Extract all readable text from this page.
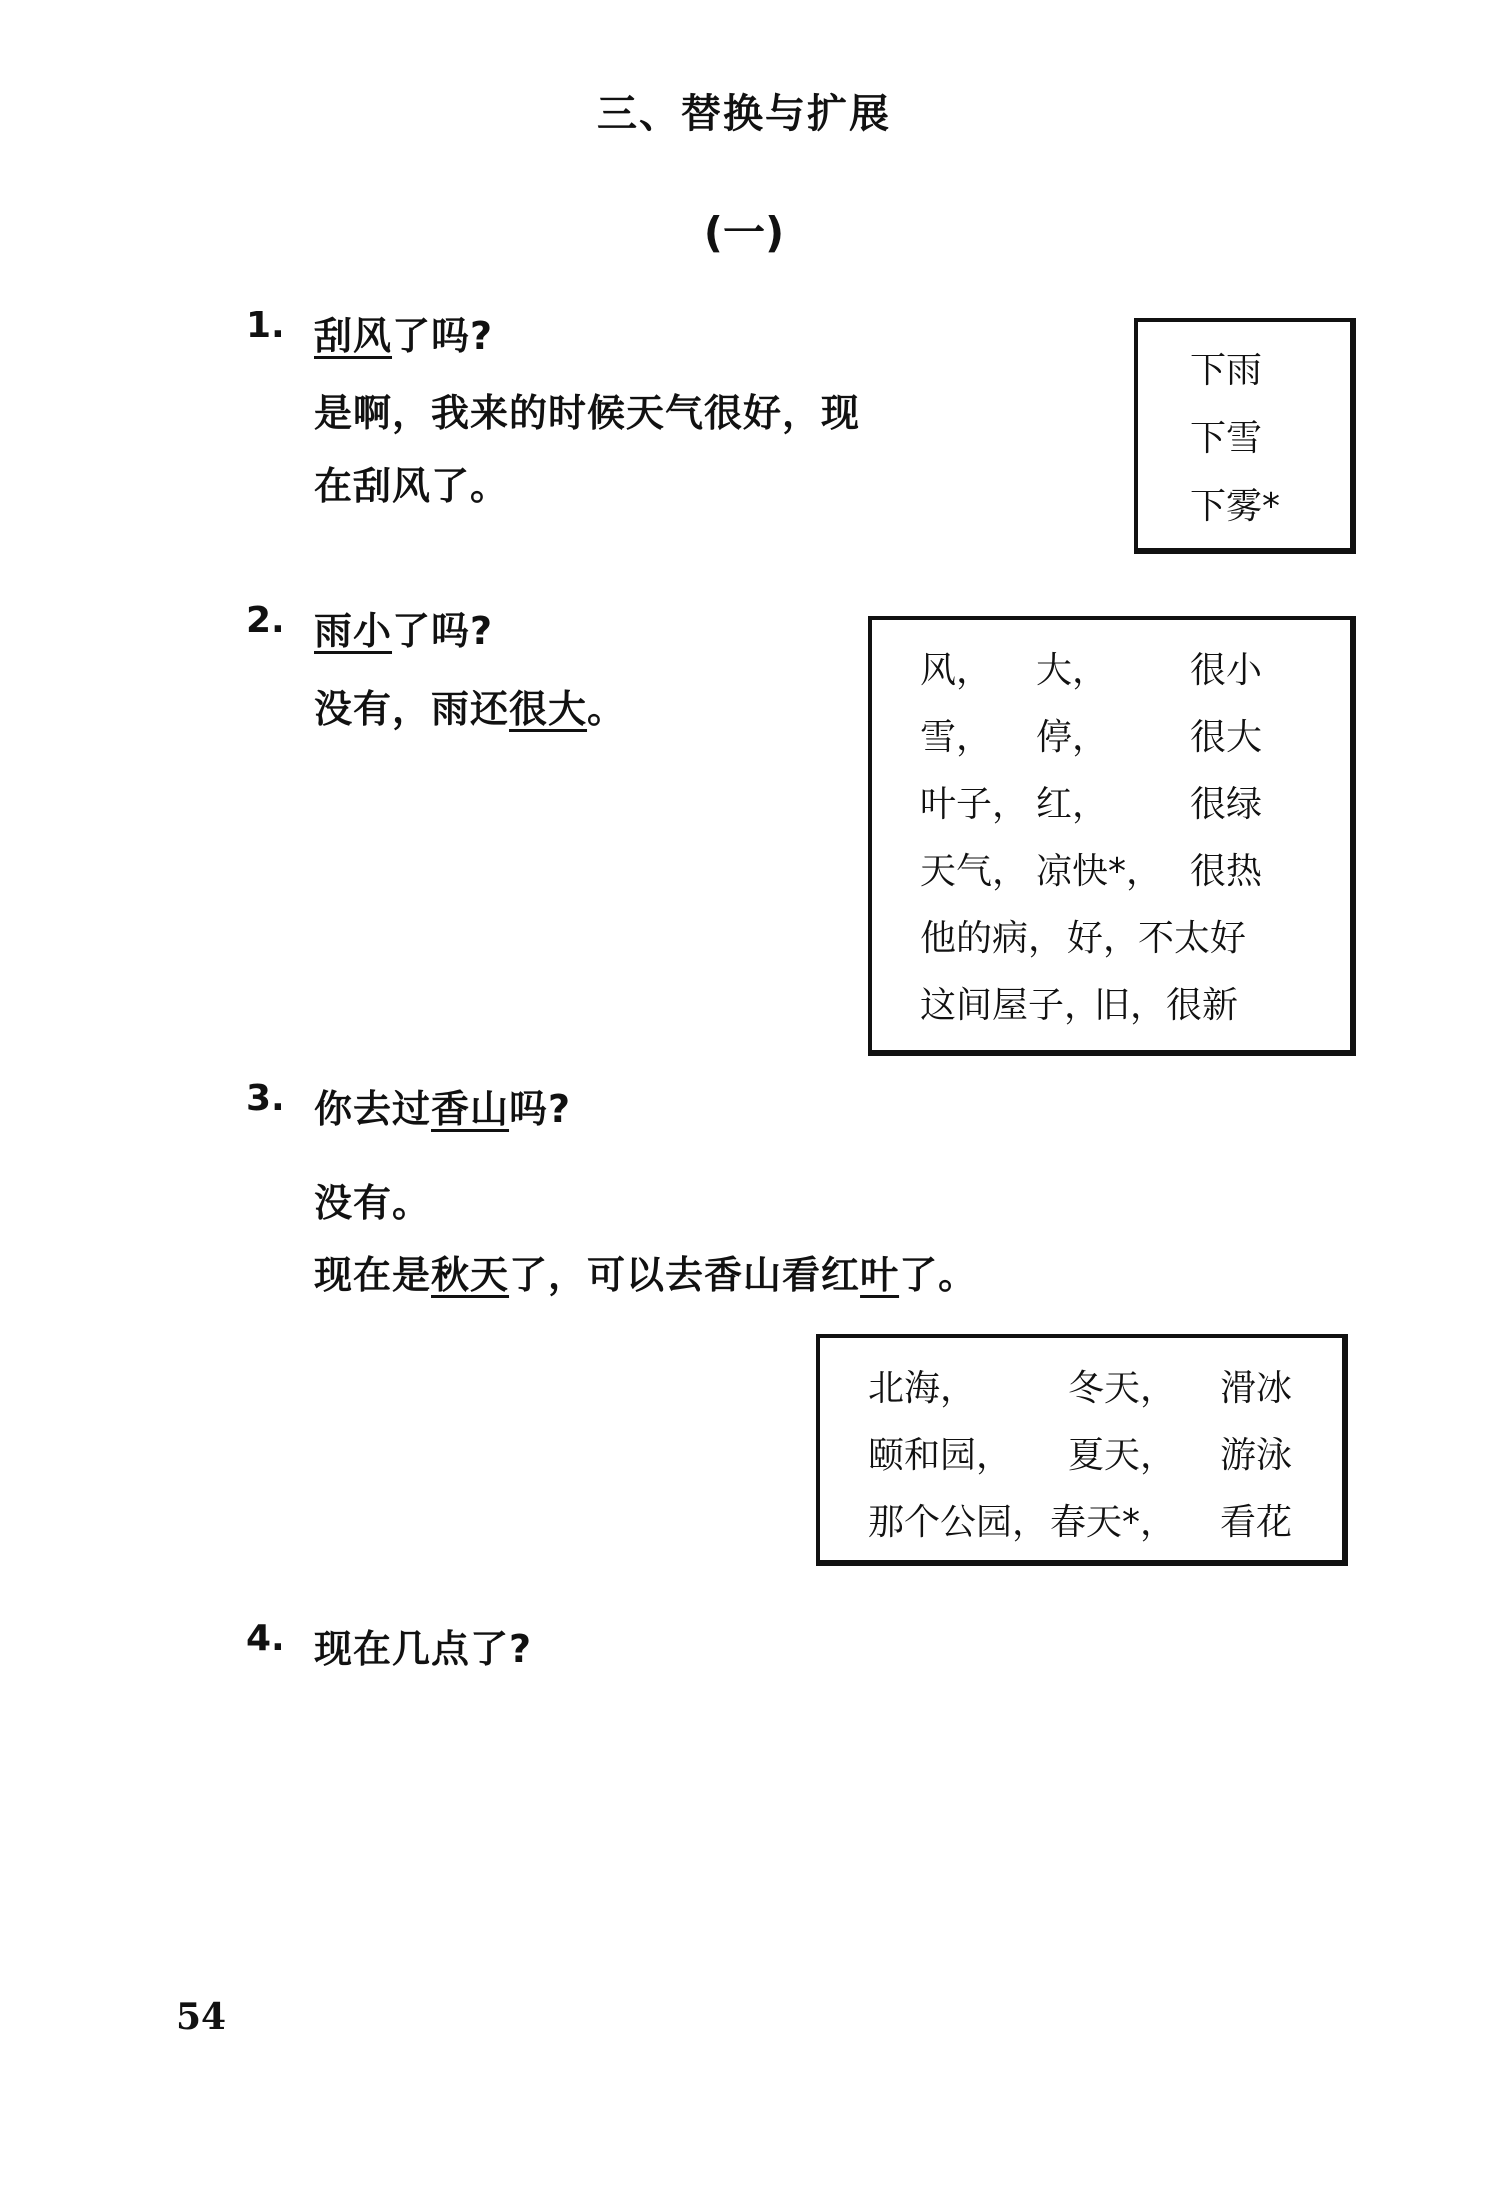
三、替换与扩展
(一)
1. 刮风了吗?
是啊，我来的时候天气很好，现
在刮风了。
下雨
下雪
下雾*
2. 雨小了吗?
没有，雨还很大。
风， 大， 很小
雪， 停， 很大
叶子， 红， 很绿
天气， 凉快*， 很热
他的病， 好，
不太好
这间屋子，
旧， 很新
3. 你去过香山吗?
没有。
现在是秋天了，可以去香山看红叶了。
北海，	冬天， 滑冰
颐和园， 夏天， 游泳
那个公园， 春天*， 看花
4. 现在几点了?
54
